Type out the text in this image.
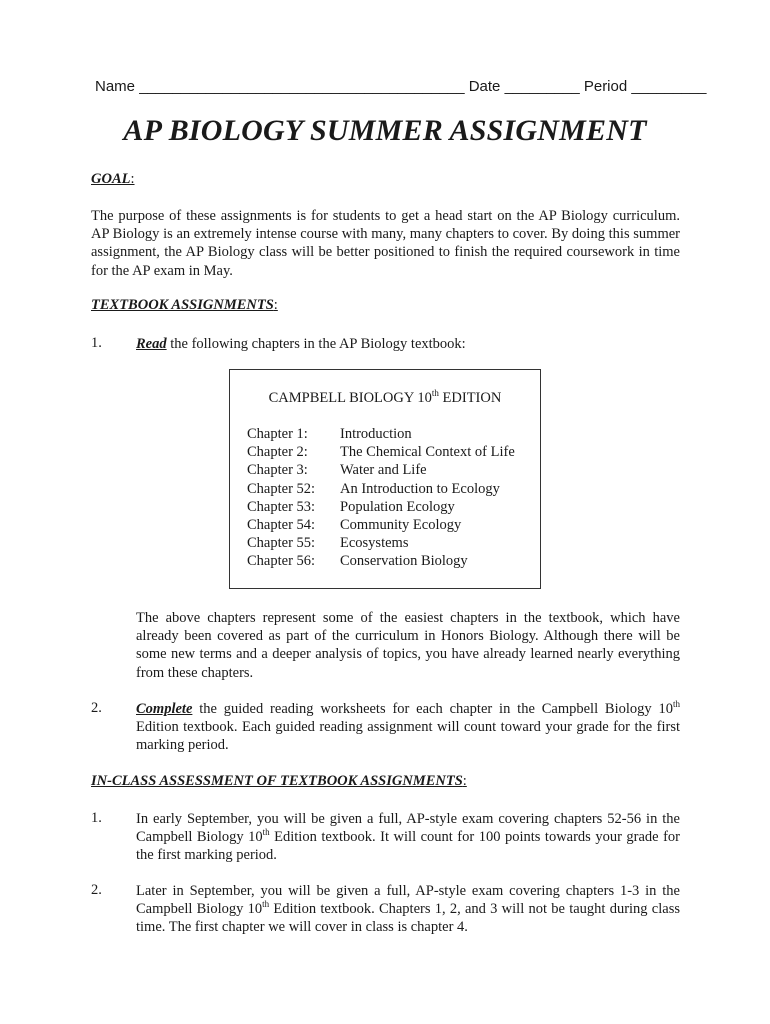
Name _______________________________________ Date _________ Period _________
AP BIOLOGY SUMMER ASSIGNMENT
GOAL:
The purpose of these assignments is for students to get a head start on the AP Biology curriculum. AP Biology is an extremely intense course with many, many chapters to cover. By doing this summer assignment, the AP Biology class will be better positioned to finish the required coursework in time for the AP exam in May.
TEXTBOOK ASSIGNMENTS:
1. Read the following chapters in the AP Biology textbook:
CAMPBELL BIOLOGY 10th EDITION
Chapter 1: Introduction
Chapter 2: The Chemical Context of Life
Chapter 3: Water and Life
Chapter 52: An Introduction to Ecology
Chapter 53: Population Ecology
Chapter 54: Community Ecology
Chapter 55: Ecosystems
Chapter 56: Conservation Biology
The above chapters represent some of the easiest chapters in the textbook, which have already been covered as part of the curriculum in Honors Biology. Although there will be some new terms and a deeper analysis of topics, you have already learned nearly everything from these chapters.
2. Complete the guided reading worksheets for each chapter in the Campbell Biology 10th Edition textbook. Each guided reading assignment will count toward your grade for the first marking period.
IN-CLASS ASSESSMENT OF TEXTBOOK ASSIGNMENTS:
1. In early September, you will be given a full, AP-style exam covering chapters 52-56 in the Campbell Biology 10th Edition textbook. It will count for 100 points towards your grade for the first marking period.
2. Later in September, you will be given a full, AP-style exam covering chapters 1-3 in the Campbell Biology 10th Edition textbook. Chapters 1, 2, and 3 will not be taught during class time. The first chapter we will cover in class is chapter 4.
